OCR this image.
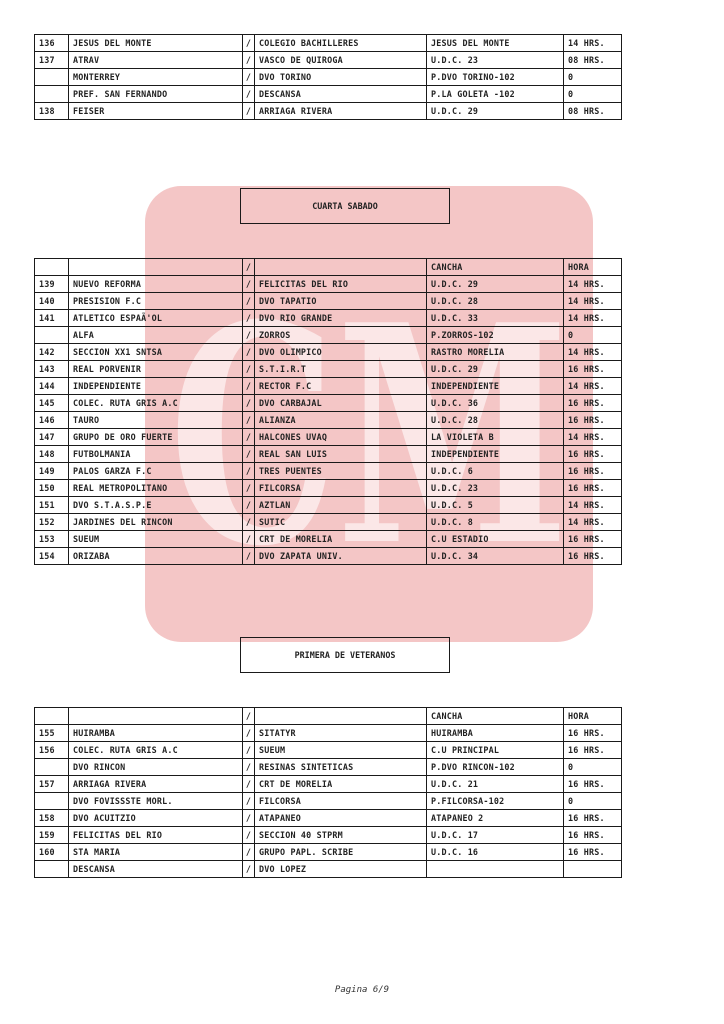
CM
136	JESUS DEL MONTE	/	COLEGIO BACHILLERES	JESUS DEL MONTE	14 HRS.
137	ATRAV	/	VASCO DE QUIROGA	U.D.C. 23	08 HRS.
	MONTERREY	/	DVO TORINO	P.DVO TORINO-102	0
	PREF. SAN FERNANDO	/	DESCANSA	P.LA GOLETA -102	0
138	FEISER	/	ARRIAGA RIVERA	U.D.C. 29	08 HRS.
CUARTA SABADO
		/		CANCHA	HORA
139	NUEVO REFORMA	/	FELICITAS DEL RIO	U.D.C. 29	14 HRS.
140	PRESISION F.C	/	DVO TAPATIO	U.D.C. 28	14 HRS.
141	ATLETICO ESPAÃ'OL	/	DVO RIO GRANDE	U.D.C. 33	14 HRS.
	ALFA	/	ZORROS	P.ZORROS-102	0
142	SECCION XX1 SNTSA	/	DVO OLIMPICO	RASTRO MORELIA	14 HRS.
143	REAL PORVENIR	/	S.T.I.R.T	U.D.C. 29	16 HRS.
144	INDEPENDIENTE	/	RECTOR F.C	INDEPENDIENTE	14 HRS.
145	COLEC. RUTA GRIS A.C	/	DVO CARBAJAL	U.D.C. 36	16 HRS.
146	TAURO	/	ALIANZA	U.D.C. 28	16 HRS.
147	GRUPO DE ORO FUERTE	/	HALCONES UVAQ	LA VIOLETA B	14 HRS.
148	FUTBOLMANIA	/	REAL SAN LUIS	INDEPENDIENTE	16 HRS.
149	PALOS GARZA F.C	/	TRES PUENTES	U.D.C. 6	16 HRS.
150	REAL METROPOLITANO	/	FILCORSA	U.D.C. 23	16 HRS.
151	DVO S.T.A.S.P.E	/	AZTLAN	U.D.C. 5	14 HRS.
152	JARDINES DEL RINCON	/	SUTIC	U.D.C. 8	14 HRS.
153	SUEUM	/	CRT DE MORELIA	C.U ESTADIO	16 HRS.
154	ORIZABA	/	DVO ZAPATA UNIV.	U.D.C. 34	16 HRS.
PRIMERA DE VETERANOS
		/		CANCHA	HORA
155	HUIRAMBA	/	SITATYR	HUIRAMBA	16 HRS.
156	COLEC. RUTA GRIS A.C	/	SUEUM	C.U PRINCIPAL	16 HRS.
	DVO RINCON	/	RESINAS SINTETICAS	P.DVO RINCON-102	0
157	ARRIAGA RIVERA	/	CRT DE MORELIA	U.D.C. 21	16 HRS.
	DVO FOVISSSTE MORL.	/	FILCORSA	P.FILCORSA-102	0
158	DVO ACUITZIO	/	ATAPANEO	ATAPANEO 2	16 HRS.
159	FELICITAS DEL RIO	/	SECCION 40 STPRM	U.D.C. 17	16 HRS.
160	STA MARIA	/	GRUPO PAPL. SCRIBE	U.D.C. 16	16 HRS.
	DESCANSA	/	DVO LOPEZ		
Pagina 6/9
